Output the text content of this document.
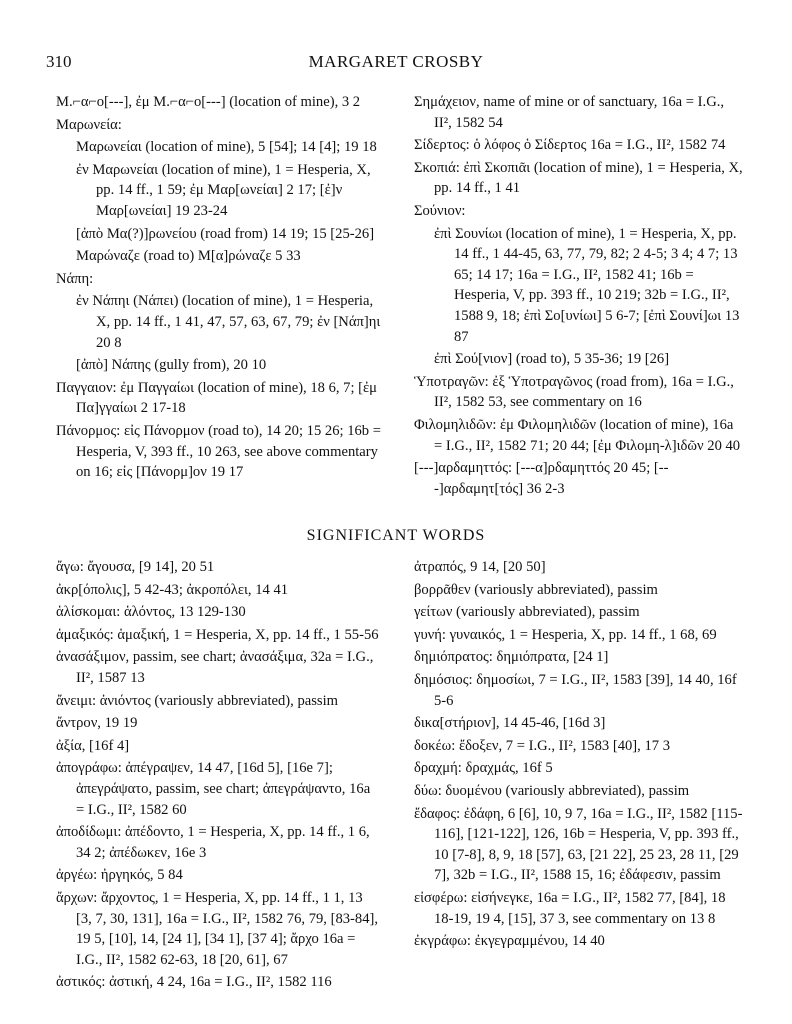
310	MARGARET CROSBY

Μ.⌐α⌐ο[---], ἐμ Μ.⌐α⌐ο[---] (location of mine), 3 2

Μαρωνεία:

Μαρωνείαι (location of mine), 5 [54]; 14 [4]; 19 18

ἐν Μαρωνείαι (location of mine), 1 = Hesperia, X, pp. 14 ff., 1 59; ἐμ Μαρ[ωνείαι] 2 17; [ἐ]ν Μαρ[ωνείαι] 19 23-24

[ἀπὸ Μα(?)]ρωνείου (road from) 14 19; 15 [25-26]

Μαρώναζε (road to) Μ[α]ρώναζε 5 33

Νάπη:

ἐν Νάπηι (Νάπει) (location of mine), 1 = Hesperia, X, pp. 14 ff., 1 41, 47, 57, 63, 67, 79; ἐν [Νάπ]ηι 20 8

[ἀπὸ] Νάπης (gully from), 20 10

Παγγαιον: ἐμ Παγγαίωι (location of mine), 18 6, 7; [ἐμ Πα]γγαίωι 2 17-18

Πάνορμος: εἰς Πάνορμον (road to), 14 20; 15 26; 16b = Hesperia, V, 393 ff., 10 263, see above commentary on 16; εἰς [Πάνορμ]ον 19 17

Σημάχειον, name of mine or of sanctuary, 16a = I.G., II², 1582 54

Σίδερτος: ὁ λόφος ὁ Σίδερτος 16a = I.G., II², 1582 74

Σκοπιά: ἐπὶ Σκοπιᾶι (location of mine), 1 = Hesperia, X, pp. 14 ff., 1 41

Σούνιον:

ἐπὶ Σουνίωι (location of mine), 1 = Hesperia, X, pp. 14 ff., 1 44-45, 63, 77, 79, 82; 2 4-5; 3 4; 4 7; 13 65; 14 17; 16a = I.G., II², 1582 41; 16b = Hesperia, V, pp. 393 ff., 10 219; 32b = I.G., II², 1588 9, 18; ἐπὶ Σο[υνίωι] 5 6-7; [ἐπὶ Σουνί]ωι 13 87

ἐπὶ Σού[νιον] (road to), 5 35-36; 19 [26]

Ὑποτραγῶν: ἐξ Ὑποτραγῶνος (road from), 16a = I.G., II², 1582 53, see commentary on 16

Φιλομηλιδῶν: ἐμ Φιλομηλιδῶν (location of mine), 16a = I.G., II², 1582 71; 20 44; [ἐμ Φιλομη-λ]ιδῶν 20 40

[---]αρδαμηττός: [---α]ρδαμηττός 20 45; [---]αρδαμητ[τός] 36 2-3

SIGNIFICANT WORDS

ἄγω: ἄγουσα, [9 14], 20 51

ἀκρ[όπολις], 5 42-43; ἀκροπόλει, 14 41

ἁλίσκομαι: ἁλόντος, 13 129-130

ἁμαξικός: ἁμαξική, 1 = Hesperia, X, pp. 14 ff., 1 55-56

ἀνασάξιμον, passim, see chart; ἀνασάξιμα, 32a = I.G., II², 1587 13

ἄνειμι: ἀνιόντος (variously abbreviated), passim

ἄντρον, 19 19

ἀξία, [16f 4]

ἀπογράφω: ἀπέγραψεν, 14 47, [16d 5], [16e 7]; ἀπεγράψατο, passim, see chart; ἀπεγράψαντο, 16a = I.G., II², 1582 60

ἀποδίδωμι: ἀπέδοντο, 1 = Hesperia, X, pp. 14 ff., 1 6, 34 2; ἀπέδωκεν, 16e 3

ἀργέω: ἠργηκός, 5 84

ἄρχων: ἄρχοντος, 1 = Hesperia, X, pp. 14 ff., 1 1, 13 [3, 7, 30, 131], 16a = I.G., II², 1582 76, 79, [83-84], 19 5, [10], 14, [24 1], [34 1], [37 4]; ἄρχο 16a = I.G., II², 1582 62-63, 18 [20, 61], 67

ἀστικός: ἀστική, 4 24, 16a = I.G., II², 1582 116

ἀτραπός, 9 14, [20 50]

βορρᾶθεν (variously abbreviated), passim

γείτων (variously abbreviated), passim

γυνή: γυναικός, 1 = Hesperia, X, pp. 14 ff., 1 68, 69

δημιόπρατος: δημιόπρατα, [24 1]

δημόσιος: δημοσίωι, 7 = I.G., II², 1583 [39], 14 40, 16f 5-6

δικα[στήριον], 14 45-46, [16d 3]

δοκέω: ἔδοξεν, 7 = I.G., II², 1583 [40], 17 3

δραχμή: δραχμάς, 16f 5

δύω: δυομένου (variously abbreviated), passim

ἔδαφος: ἐδάφη, 6 [6], 10, 9 7, 16a = I.G., II², 1582 [115-116], [121-122], 126, 16b = Hesperia, V, pp. 393 ff., 10 [7-8], 8, 9, 18 [57], 63, [21 22], 25 23, 28 11, [29 7], 32b = I.G., II², 1588 15, 16; ἐδάφεσιν, passim

εἰσφέρω: εἰσήνεγκε, 16a = I.G., II², 1582 77, [84], 18 18-19, 19 4, [15], 37 3, see commentary on 13 8

ἐκγράφω: ἐκγεγραμμένου, 14 40
